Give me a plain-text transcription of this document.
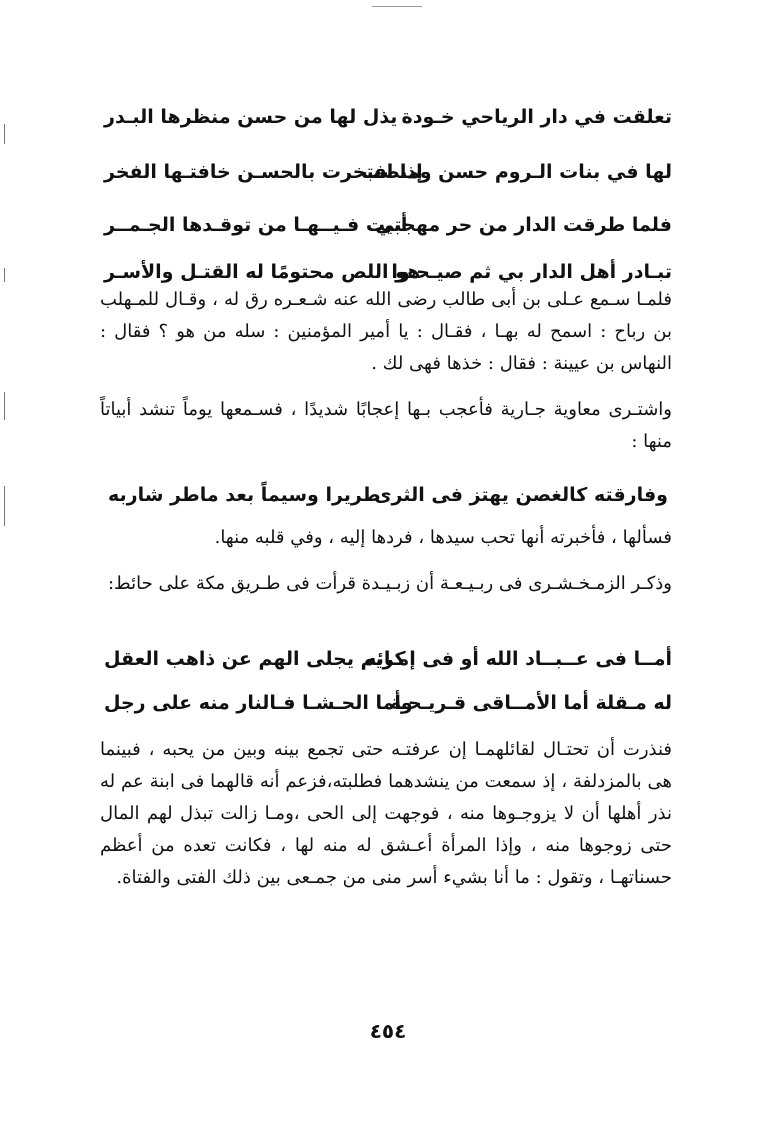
تعلقت في دار الرياحي خـودة
يذل لها من حسن منظرها البـدر
لها في بنات الـروم حسن ومنصب
إذا افتخرت بالحسـن خافتـها الفخر
فلما طرقت الدار من حر مهجتي
أبيت فـيــهـا من توقـدها الجـمــر
تبـادر أهل الدار بي ثم صيـحـوا
هو اللص محتومًا له القتـل والأسـر
فلمـا سـمع عـلى بن أبى طالب رضى الله عنه شـعـره رق له ، وقـال للمـهلب بن رباح : اسمح له بهـا ، فقـال : يا أمير المؤمنين : سله من هو ؟ فقال : النهاس بن عيينة : فقال : خذها فهى لك .
واشتـرى معاوية جـارية فأعجب بـها إعجابًا شديدًا ، فسـمعها يوماً تنشد أبياتاً منها :
وفارقته كالغصن يهتز فى الثرى
طريرا وسيماً بعد ماطر شاربه
فسألها ، فأخبرته أنها تحب سيدها ، فردها إليه ، وفي قلبه منها.
وذكـر الزمـخـشـرى فى ربـيـعـة أن زبـيـدة قرأت فى طـريق مكة على حائط:
أمــا فى عــبــاد الله أو فى إمـائه
كريم يجلى الهم عن ذاهب العقل
له مـقلة أما الأمــاقى قـريـحـة
وأما الحـشـا فـالنار منه على رجل
فنذرت أن تحتـال لقائلهمـا إن عرفتـه حتى تجمع بينه وبين من يحبه ، فبينما هى بالمزدلفة ، إذ سمعت من ينشدهما فطلبته،فزعم أنه قالهما فى ابنة عم له نذر أهلها أن لا يزوجـوها منه ، فوجهت إلى الحى ،ومـا زالت تبذل لهم المال حتى زوجوها منه ، وإذا المرأة أعـشق له منه لها ، فكانت تعده من أعظم حسناتهـا ، وتقول : ما أنا بشيء أسر منى من جمـعى بين ذلك الفتى والفتاة.
٤٥٤
